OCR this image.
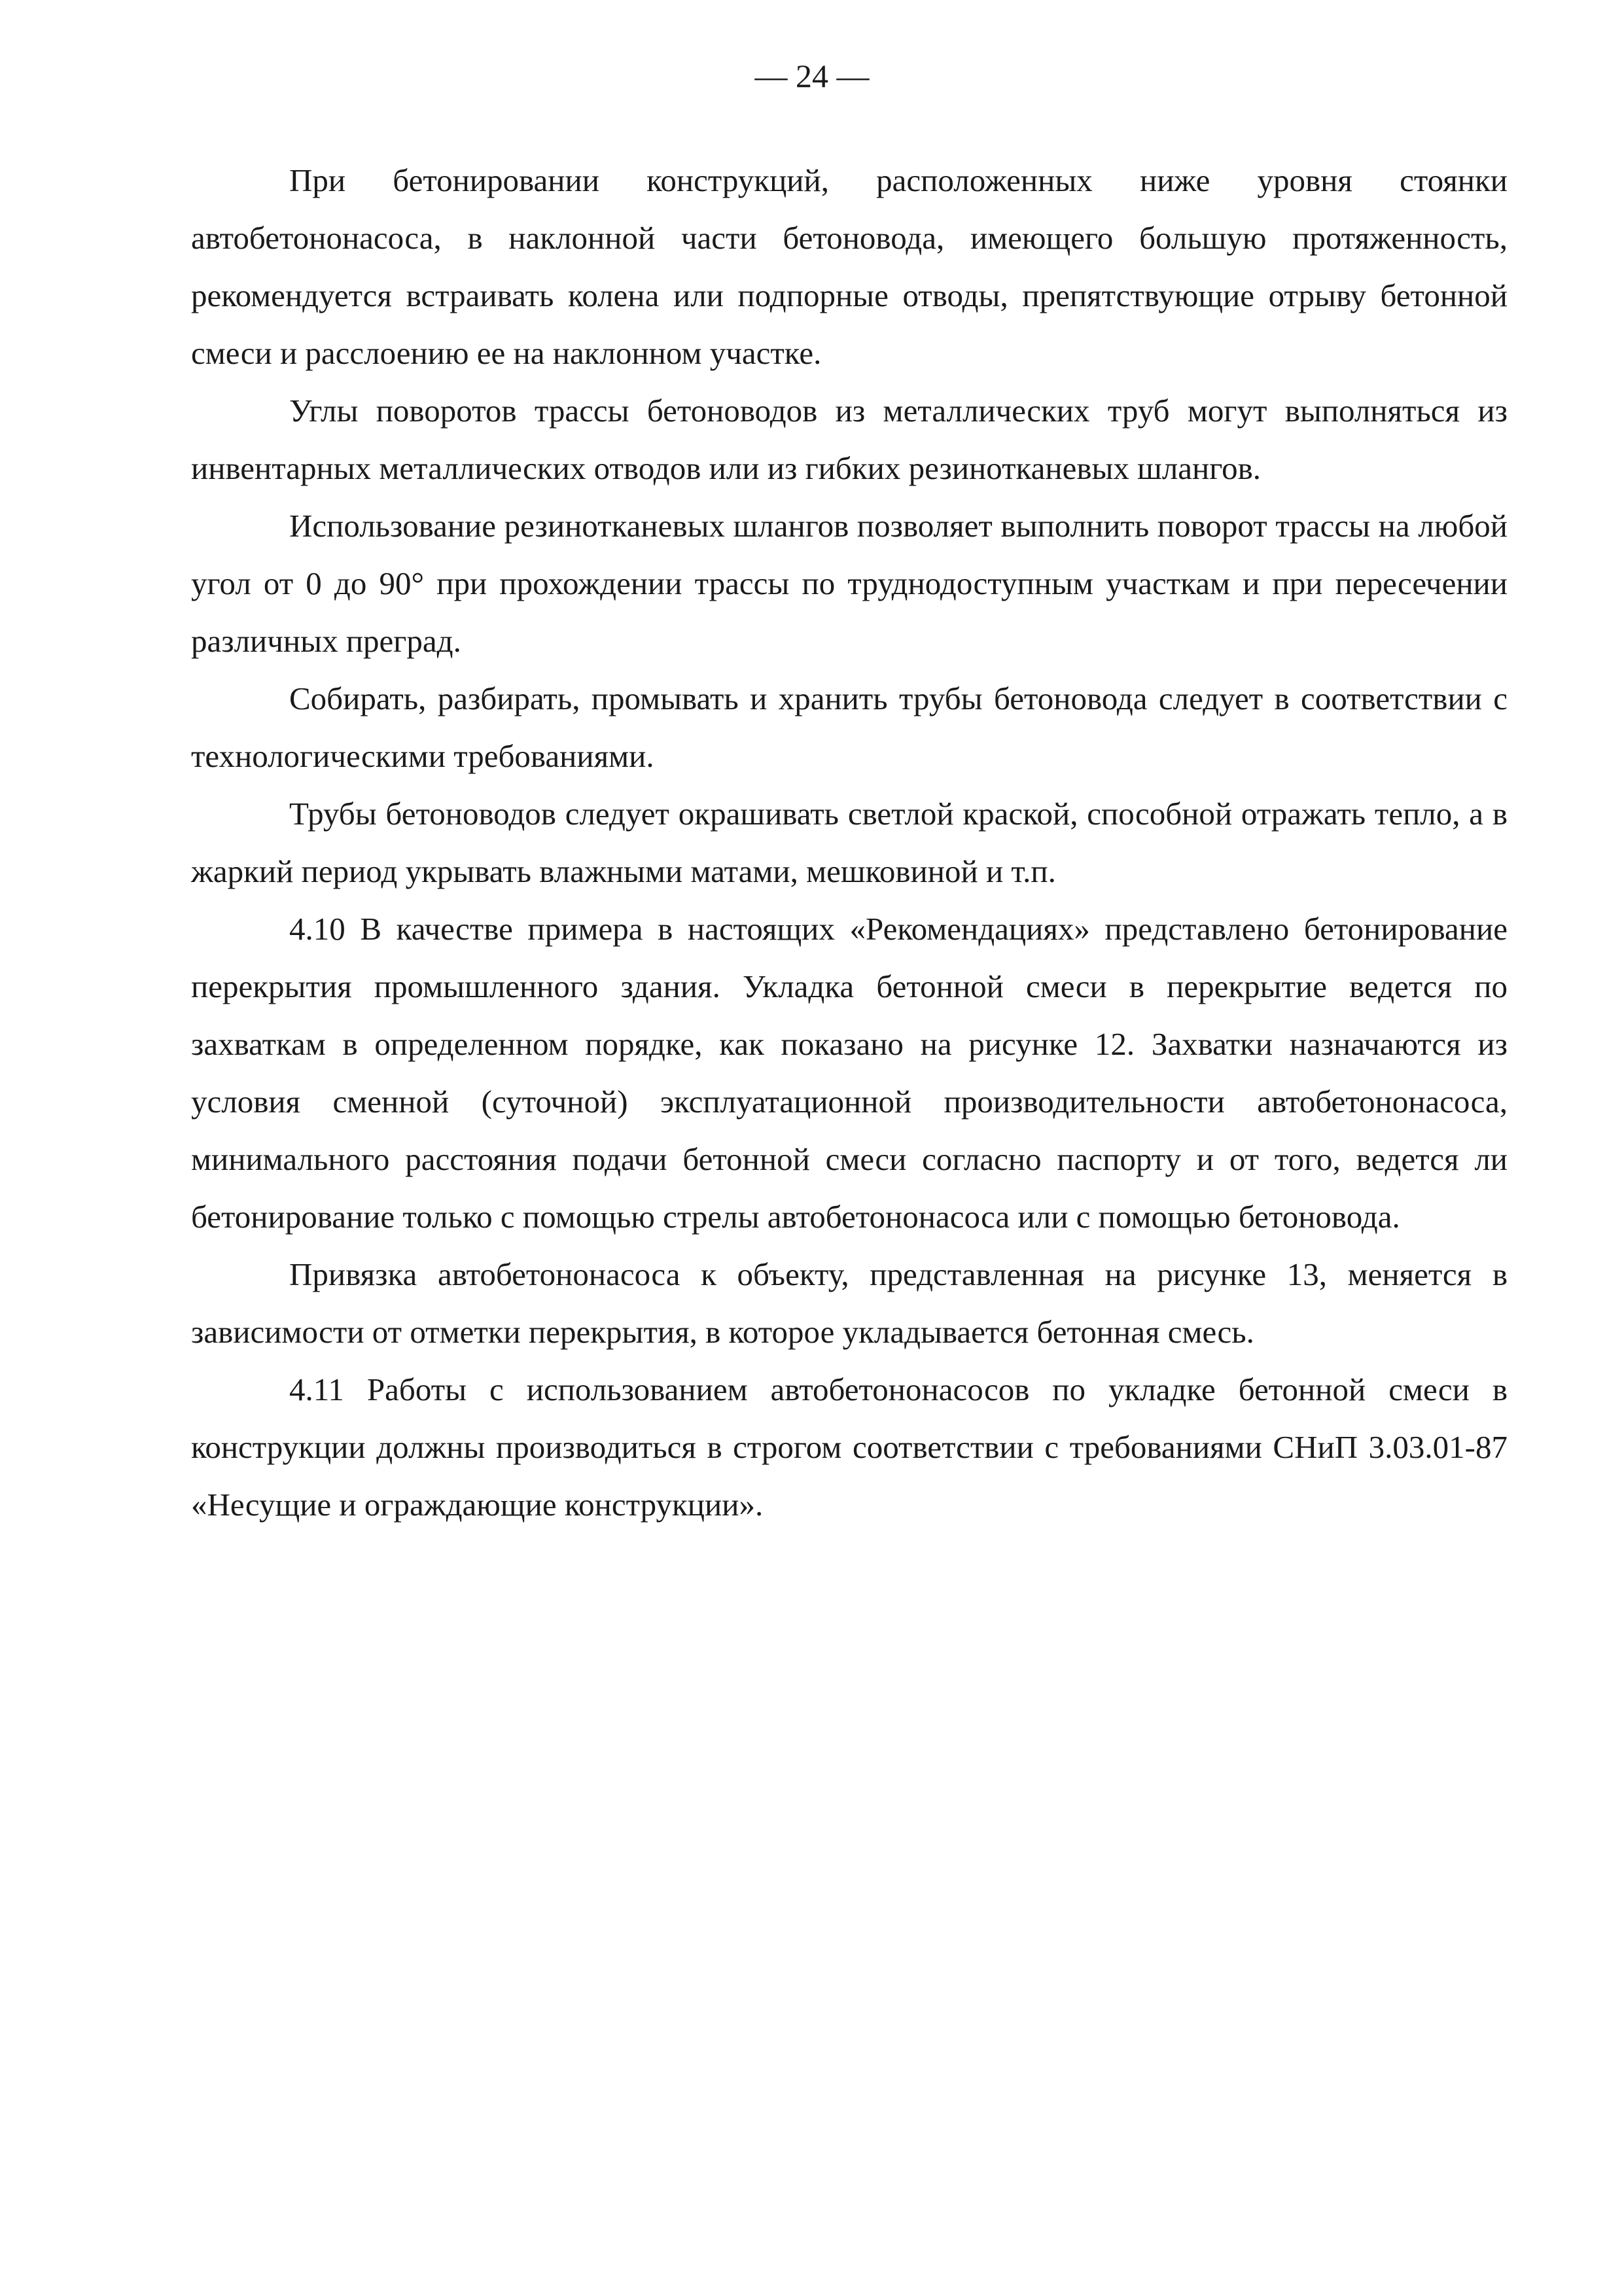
— 24 —

При бетонировании конструкций, расположенных ниже уровня стоянки автобетононасоса, в наклонной части бетоновода, имеющего большую протяженность, рекомендуется встраивать колена или подпорные отводы, препятствующие отрыву бетонной смеси и расслоению ее на наклонном участке.

Углы поворотов трассы бетоноводов из металлических труб могут выполняться из инвентарных металлических отводов или из гибких резинотканевых шлангов.

Использование резинотканевых шлангов позволяет выполнить поворот трассы на любой угол от 0 до 90° при прохождении трассы по труднодоступным участкам и при пересечении различных преград.

Собирать, разбирать, промывать и хранить трубы бетоновода следует в соответствии с технологическими требованиями.

Трубы бетоноводов следует окрашивать светлой краской, способной отражать тепло, а в жаркий период укрывать влажными матами, мешковиной и т.п.

4.10 В качестве примера в настоящих «Рекомендациях» представлено бетонирование перекрытия промышленного здания. Укладка бетонной смеси в перекрытие ведется по захваткам в определенном порядке, как показано на рисунке 12. Захватки назначаются из условия сменной (суточной) эксплуатационной производительности автобетононасоса, минимального расстояния подачи бетонной смеси согласно паспорту и от того, ведется ли бетонирование только с помощью стрелы автобетононасоса или с помощью бетоновода.

Привязка автобетононасоса к объекту, представленная на рисунке 13, меняется в зависимости от отметки перекрытия, в которое укладывается бетонная смесь.

4.11 Работы с использованием автобетононасосов по укладке бетонной смеси в конструкции должны производиться в строгом соответствии с требованиями СНиП 3.03.01-87 «Несущие и ограждающие конструкции».
